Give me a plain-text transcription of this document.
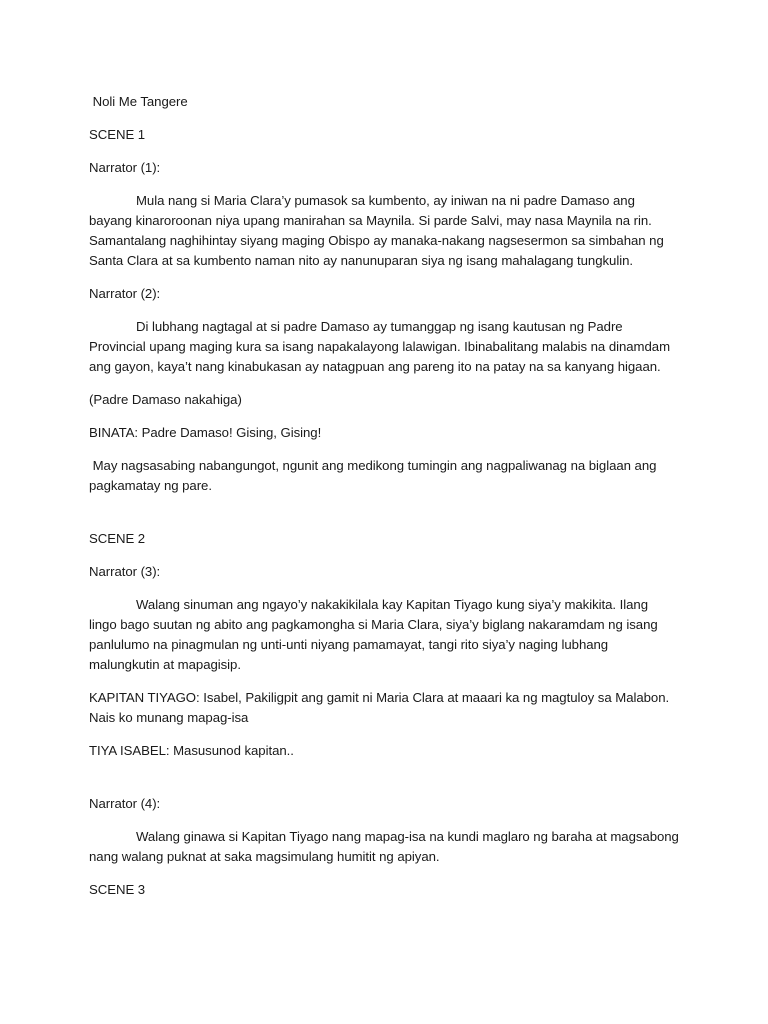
Noli Me Tangere
SCENE 1
Narrator (1):
Mula nang si Maria Clara’y pumasok sa kumbento, ay iniwan na ni padre Damaso ang bayang kinaroroonan niya upang manirahan sa Maynila. Si parde Salvi, may nasa Maynila na rin. Samantalang naghihintay siyang maging Obispo ay manaka-nakang nagsesermon sa simbahan ng Santa Clara at sa kumbento naman nito ay nanunuparan siya ng isang mahalagang tungkulin.
Narrator (2):
Di lubhang nagtagal at si padre Damaso ay tumanggap ng isang kautusan ng Padre Provincial upang maging kura sa isang napakalayong lalawigan. Ibinabalitang malabis na dinamdam ang gayon, kaya’t nang kinabukasan ay natagpuan ang pareng ito na patay na sa kanyang higaan.
(Padre Damaso nakahiga)
BINATA: Padre Damaso! Gising, Gising!
May nagsasabing nabangungot, ngunit ang medikong tumingin ang nagpaliwanag na biglaan ang pagkamatay ng pare.
SCENE 2
Narrator (3):
Walang sinuman ang ngayo’y nakakikilala kay Kapitan Tiyago kung siya’y makikita. Ilang lingo bago suutan ng abito ang pagkamongha si Maria Clara, siya’y biglang nakaramdam ng isang panlulumo na pinagmulan ng unti-unti niyang pamamayat, tangi rito siya’y naging lubhang malungkutin at mapagisip.
KAPITAN TIYAGO: Isabel, Pakiligpit ang gamit ni Maria Clara at maaari ka ng magtuloy sa Malabon. Nais ko munang mapag-isa
TIYA ISABEL: Masusunod kapitan..
Narrator (4):
Walang ginawa si Kapitan Tiyago nang mapag-isa na kundi maglaro ng baraha at magsabong nang walang puknat at saka magsimulang humitit ng apiyan.
SCENE 3
